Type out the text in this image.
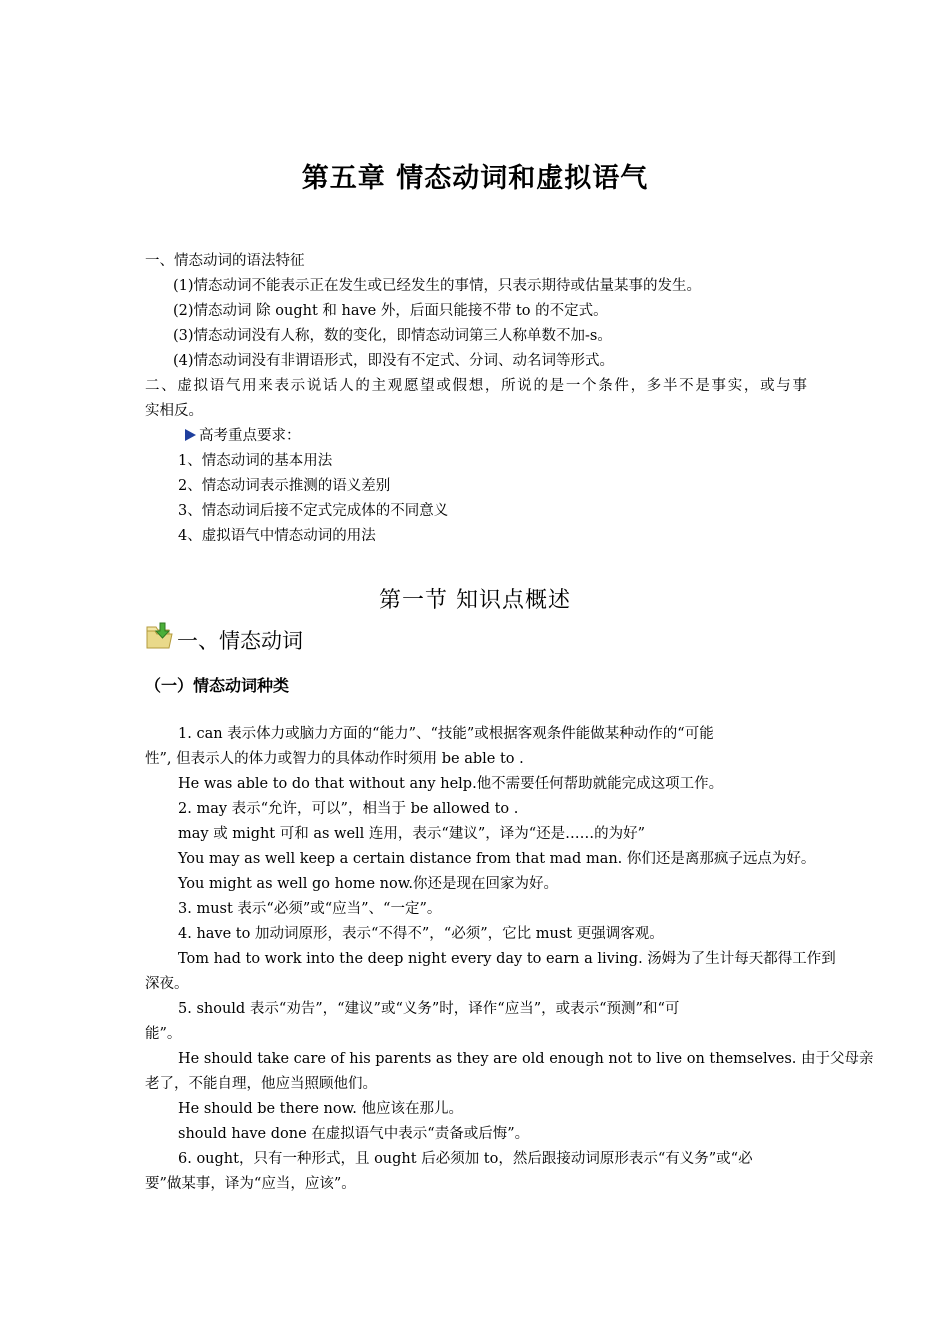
第五章 情态动词和虚拟语气
一、情态动词的语法特征
(1)情态动词不能表示正在发生或已经发生的事情，只表示期待或估量某事的发生。
(2)情态动词 除 ought 和 have 外，后面只能接不带 to 的不定式。
(3)情态动词没有人称，数的变化，即情态动词第三人称单数不加-s。
(4)情态动词没有非谓语形式，即没有不定式、分词、动名词等形式。
二、虚拟语气用来表示说话人的主观愿望或假想，所说的是一个条件，多半不是事实，或与事
实相反。
高考重点要求：
1、情态动词的基本用法
2、情态动词表示推测的语义差别
3、情态动词后接不定式完成体的不同意义
4、虚拟语气中情态动词的用法
第一节 知识点概述
一、情态动词
（一）情态动词种类
1. can 表示体力或脑力方面的“能力”、“技能”或根据客观条件能做某种动作的“可能
性”, 但表示人的体力或智力的具体动作时须用 be able to .
He was able to do that without any help.他不需要任何帮助就能完成这项工作。
2. may 表示“允许，可以”，相当于 be allowed to .
may 或 might 可和 as well 连用，表示“建议”，译为“还是……的为好”
You may as well keep a certain distance from that mad man. 你们还是离那疯子远点为好。
You might as well go home now.你还是现在回家为好。
3. must 表示“必须”或“应当”、“一定”。
4. have to 加动词原形，表示“不得不”，“必须”，它比 must 更强调客观。
Tom had to work into the deep night every day to earn a living. 汤姆为了生计每天都得工作到
深夜。
5. should 表示“劝告”，“建议”或“义务”时，译作“应当”，或表示“预测”和“可
能”。
He should take care of his parents as they are old enough not to live on themselves. 由于父母亲
老了，不能自理，他应当照顾他们。
He should be there now. 他应该在那儿。
should have done 在虚拟语气中表示“责备或后悔”。
6. ought，只有一种形式，且 ought 后必须加 to，然后跟接动词原形表示“有义务”或“必
要”做某事，译为“应当，应该”。
